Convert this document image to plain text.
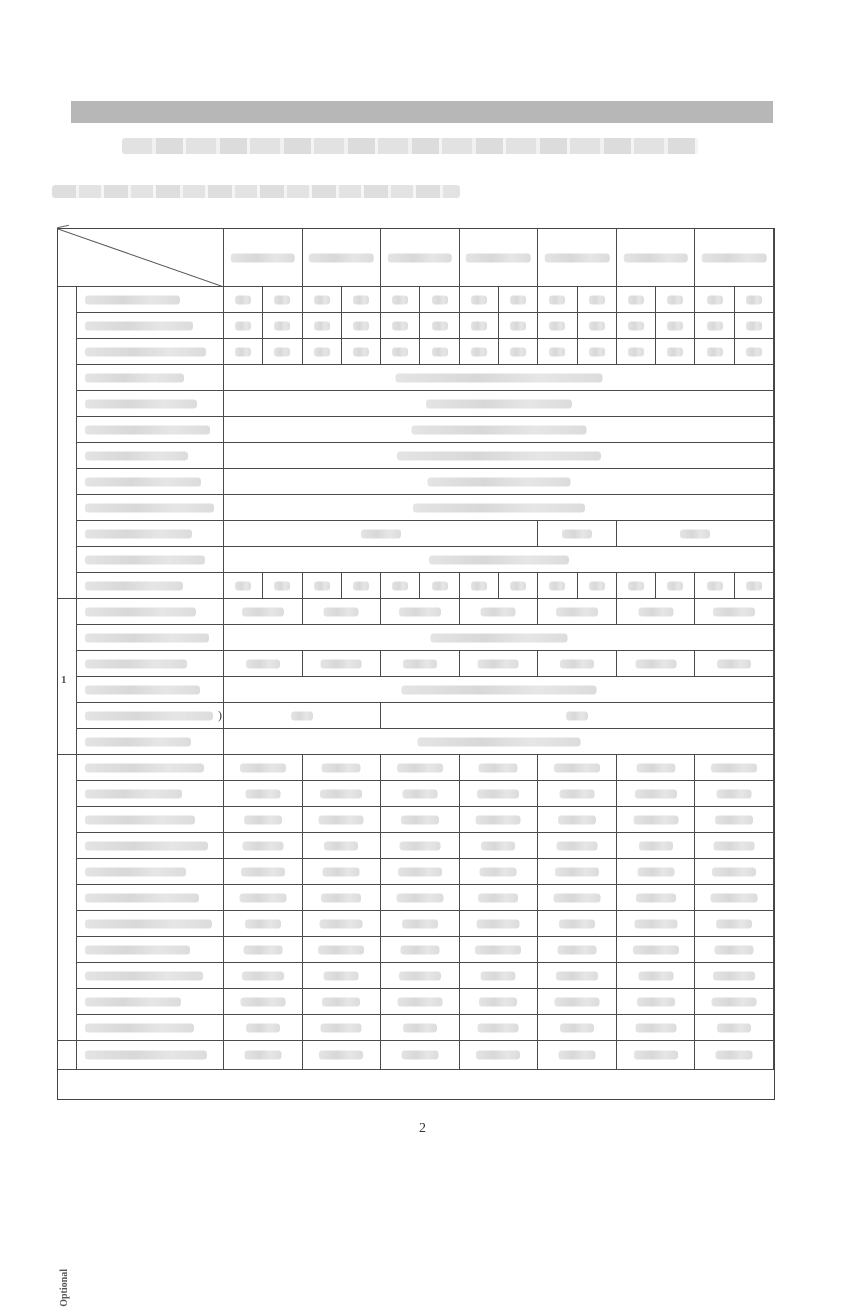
Optional
1
)
2
